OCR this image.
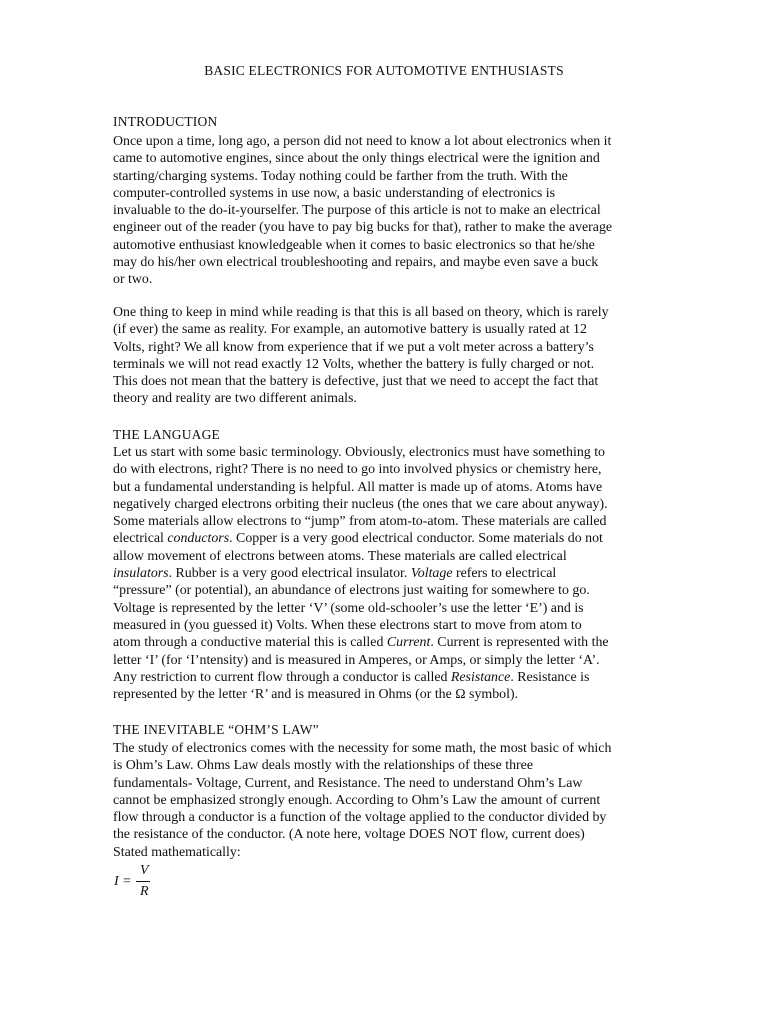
BASIC ELECTRONICS FOR AUTOMOTIVE ENTHUSIASTS
INTRODUCTION

Once upon a time, long ago, a person did not need to know a lot about electronics when it
came to automotive engines, since about the only things electrical were the ignition and
starting/charging systems. Today nothing could be farther from the truth. With the
computer-controlled systems in use now, a basic understanding of electronics is
invaluable to the do-it-yourselfer. The purpose of this article is not to make an electrical
engineer out of the reader (you have to pay big bucks for that), rather to make the average
automotive enthusiast knowledgeable when it comes to basic electronics so that he/she
may do his/her own electrical troubleshooting and repairs, and maybe even save a buck
or two.

One thing to keep in mind while reading is that this is all based on theory, which is rarely
(if ever) the same as reality. For example, an automotive battery is usually rated at 12
Volts, right? We all know from experience that if we put a volt meter across a battery’s
terminals we will not read exactly 12 Volts, whether the battery is fully charged or not.
This does not mean that the battery is defective, just that we need to accept the fact that
theory and reality are two different animals.

THE LANGUAGE

Let us start with some basic terminology. Obviously, electronics must have something to
do with electrons, right? There is no need to go into involved physics or chemistry here,
but a fundamental understanding is helpful. All matter is made up of atoms. Atoms have
negatively charged electrons orbiting their nucleus (the ones that we care about anyway).
Some materials allow electrons to “jump” from atom-to-atom. These materials are called
electrical conductors. Copper is a very good electrical conductor. Some materials do not
allow movement of electrons between atoms. These materials are called electrical
insulators. Rubber is a very good electrical insulator. Voltage refers to electrical
“pressure” (or potential), an abundance of electrons just waiting for somewhere to go.
Voltage is represented by the letter ‘V’ (some old-schooler’s use the letter ‘E’) and is
measured in (you guessed it) Volts. When these electrons start to move from atom to
atom through a conductive material this is called Current. Current is represented with the
letter ‘I’ (for ‘I’ntensity) and is measured in Amperes, or Amps, or simply the letter ‘A’.
Any restriction to current flow through a conductor is called Resistance. Resistance is
represented by the letter ‘R’ and is measured in Ohms (or the Ω symbol).

THE INEVITABLE “OHM’S LAW”

The study of electronics comes with the necessity for some math, the most basic of which
is Ohm’s Law. Ohms Law deals mostly with the relationships of these three
fundamentals- Voltage, Current, and Resistance. The need to understand Ohm’s Law
cannot be emphasized strongly enough. According to Ohm’s Law the amount of current
flow through a conductor is a function of the voltage applied to the conductor divided by
the resistance of the conductor. (A note here, voltage DOES NOT flow, current does)
Stated mathematically:

I =
V
R
